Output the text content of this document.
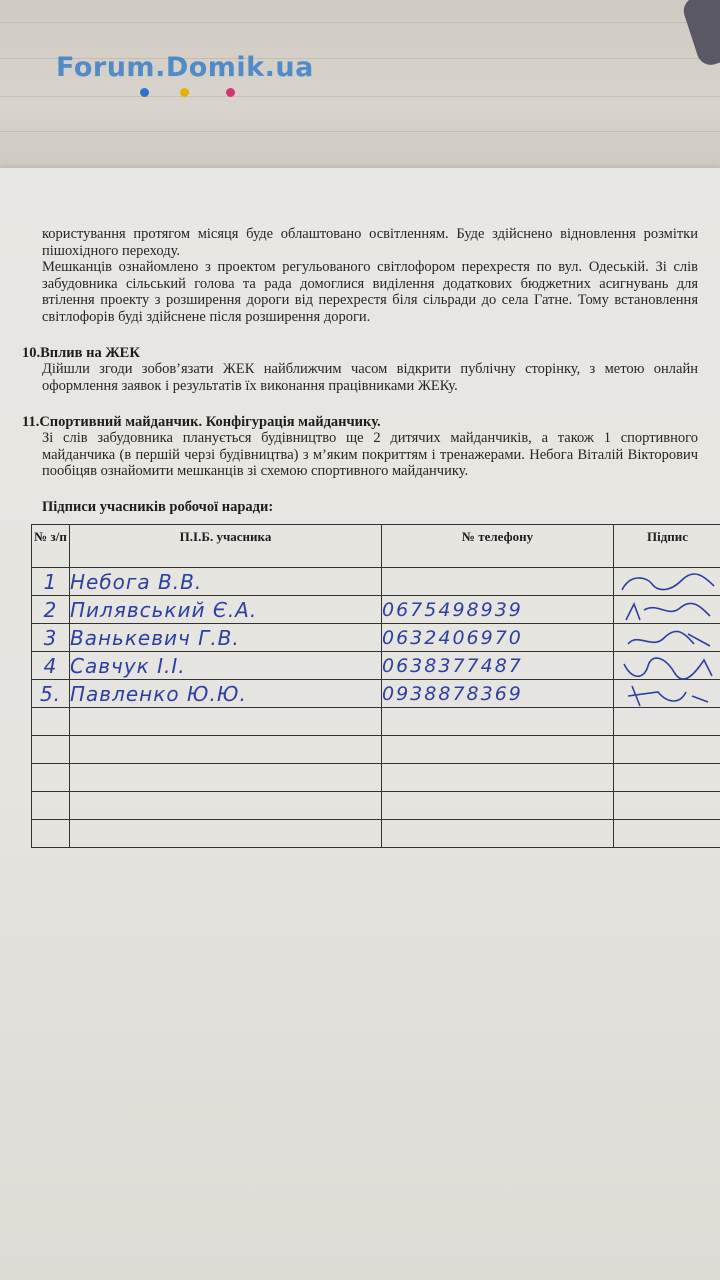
Forum.Domik.ua

користування протягом місяця буде облаштовано освітленням. Буде здійснено відновлення розмітки пішохідного переходу.

Мешканців ознайомлено з проектом регульованого світлофором перехрестя по вул. Одеській. Зі слів забудовника сільський голова та рада домоглися виділення додаткових бюджетних асигнувань для втілення проекту з розширення дороги від перехрестя біля сільради до села Гатне. Тому встановлення світлофорів буді здійснене після розширення дороги.

10.Вплив на ЖЕК
Дійшли згоди зобов’язати ЖЕК найближчим часом відкрити публічну сторінку, з метою онлайн оформлення заявок і результатів їх виконання працівниками ЖЕКу.
11.Спортивний майданчик. Конфігурація майданчику.
Зі слів забудовника планується будівництво ще 2 дитячих майданчиків, а також 1 спортивного майданчика (в першій черзі будівництва) з м’яким покриттям і тренажерами. Небога Віталій Вікторович пообіцяв ознайомити мешканців зі схемою спортивного майданчику.
Підписи учасників робочої наради:
№ з/п	П.І.Б. учасника	№ телефону	Підпис
1	Небога В.В.		

2	Пилявський Є.А.	0675498939	

3	Ванькевич Г.В.	0632406970	

4	Савчук І.І.	0638377487	

5.	Павленко Ю.Ю.	0938878369	
